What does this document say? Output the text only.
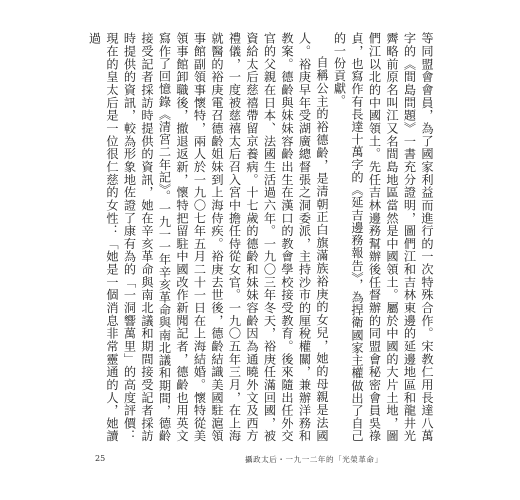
等同盟會會員，為了國家利益而進行的一次特殊合作。宋教仁用長達八萬字的《間島問題》一書充分證明，圖們江和吉林東邊的延邊地區和龍井光霽略前原名叫江又名間島地區當然是中國領土。屬於中國的大片土地，圖們江以北的中國領土。先任吉林邊務幫辦後任督辦的同盟會秘密會員吳祿貞，也寫作有長達十萬字的《延吉邊務報告》，為捍衛國家主權做出了自己的一份貢獻。

自稱公主的裕德齡，是清朝正白旗滿族裕庚的女兒，她的母親是法國人。裕庚早年受湖廣總督張之洞委派，主持沙市的厘稅權關，兼辦洋務和教案。德齡與妹妹容齡出生在漢口的教會學校接受教育。後來隨出任外交官的父親在日本、法國生活過六年。一九〇三年冬天，裕庚任滿回國，被資給太后慈禧帶留京養病。十七歲的德齡和妹妹容齡因為通曉外文及西方禮儀，一度被慈禧太后召入宮中擔任侍從女官。一九〇五年三月，在上海就醫的裕庚電召德齡姐妹到上海侍疾。裕庚去世後，德齡結識美國駐滬領事館副領事懷特，兩人於一九〇七年五月二十一日在上海結婚。懷特從美領事館卸職後，撤退返新，懷特把留駐中國改作新聞記者，德齡也用英文寫作了回憶錄《清宮二年記》。一九一一年辛亥革命與南北議和期間，德齡接受記者採訪時提供的資訊，她在辛亥革命與南北議和期間接受記者採訪時提供的資訊，較為形象地佐證了康有為的「一洞響萬里」的高度評價：現在的皇太后是一位很仁慈的女性：「她是一個消息非常靈通的人，她讀過

25	攝政太后・一九一二年的「光榮革命」
